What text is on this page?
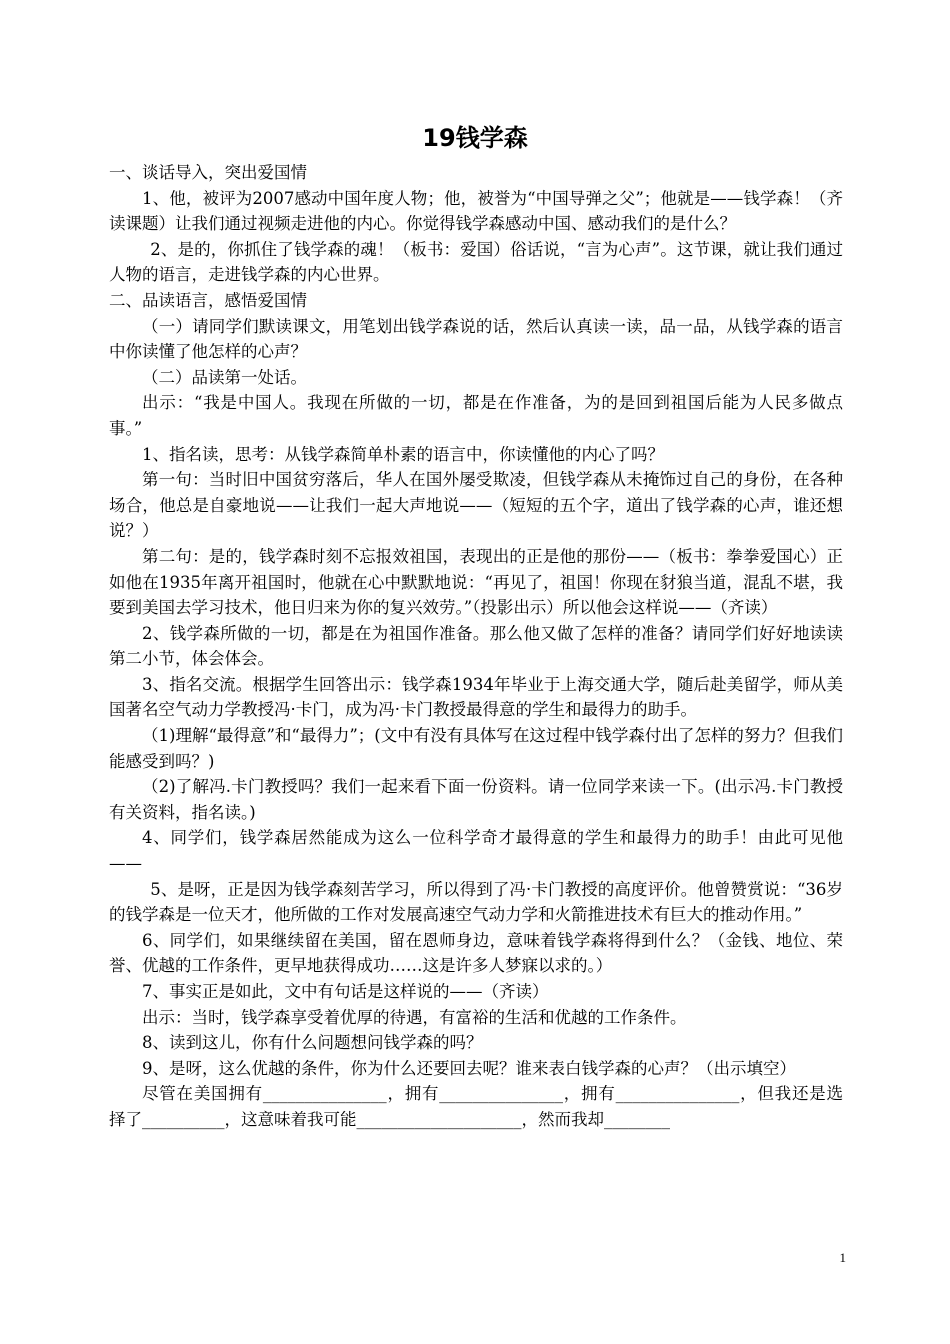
19钱学森

一、谈话导入，突出爱国情

1、他，被评为2007感动中国年度人物；他，被誉为“中国导弹之父”；他就是——钱学森！（齐读课题）让我们通过视频走进他的内心。你觉得钱学森感动中国、感动我们的是什么？

2、是的，你抓住了钱学森的魂！（板书：爱国）俗话说，“言为心声”。这节课，就让我们通过人物的语言，走进钱学森的内心世界。

二、品读语言，感悟爱国情

（一）请同学们默读课文，用笔划出钱学森说的话，然后认真读一读，品一品，从钱学森的语言中你读懂了他怎样的心声？

（二）品读第一处话。

出示：“我是中国人。我现在所做的一切，都是在作准备，为的是回到祖国后能为人民多做点事。”

1、指名读，思考：从钱学森简单朴素的语言中，你读懂他的内心了吗？

第一句：当时旧中国贫穷落后，华人在国外屡受欺凌，但钱学森从未掩饰过自己的身份，在各种场合，他总是自豪地说——让我们一起大声地说——（短短的五个字，道出了钱学森的心声，谁还想说？）

第二句：是的，钱学森时刻不忘报效祖国，表现出的正是他的那份——（板书：拳拳爱国心）正如他在1935年离开祖国时，他就在心中默默地说：“再见了，祖国！你现在豺狼当道，混乱不堪，我要到美国去学习技术，他日归来为你的复兴效劳。”（投影出示）所以他会这样说——（齐读）

2、钱学森所做的一切，都是在为祖国作准备。那么他又做了怎样的准备？请同学们好好地读读第二小节，体会体会。

3、指名交流。根据学生回答出示：钱学森1934年毕业于上海交通大学，随后赴美留学，师从美国著名空气动力学教授冯·卡门，成为冯·卡门教授最得意的学生和最得力的助手。

（1)理解“最得意”和“最得力”；(文中有没有具体写在这过程中钱学森付出了怎样的努力？但我们能感受到吗？)

（2)了解冯.卡门教授吗？我们一起来看下面一份资料。请一位同学来读一下。(出示冯.卡门教授有关资料，指名读。)

4、同学们，钱学森居然能成为这么一位科学奇才最得意的学生和最得力的助手！由此可见他——

5、是呀，正是因为钱学森刻苦学习，所以得到了冯·卡门教授的高度评价。他曾赞赏说：“36岁的钱学森是一位天才，他所做的工作对发展高速空气动力学和火箭推进技术有巨大的推动作用。”

6、同学们，如果继续留在美国，留在恩师身边，意味着钱学森将得到什么？（金钱、地位、荣誉、优越的工作条件，更早地获得成功……这是许多人梦寐以求的。）

7、事实正是如此，文中有句话是这样说的——（齐读）

出示：当时，钱学森享受着优厚的待遇，有富裕的生活和优越的工作条件。

8、读到这儿，你有什么问题想问钱学森的吗？

9、是呀，这么优越的条件，你为什么还要回去呢？谁来表白钱学森的心声？（出示填空）

尽管在美国拥有_______________，拥有_______________，拥有_______________，但我还是选择了__________，这意味着我可能____________________，然而我却________

1
